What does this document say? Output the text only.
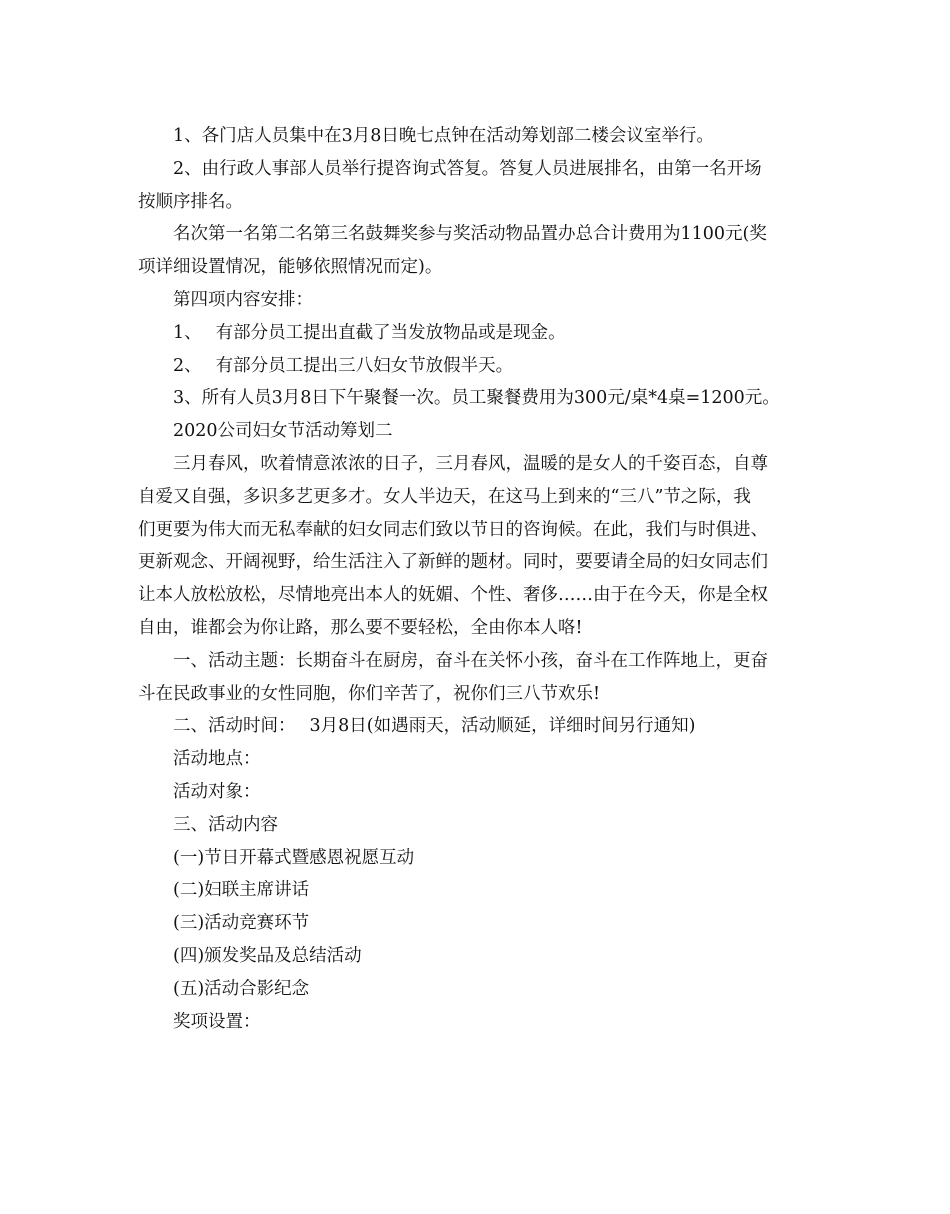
1、各门店人员集中在3月8日晚七点钟在活动筹划部二楼会议室举行。
2、由行政人事部人员举行提咨询式答复。答复人员进展排名，由第一名开场
按顺序排名。
名次第一名第二名第三名鼓舞奖参与奖活动物品置办总合计费用为1100元(奖
项详细设置情况，能够依照情况而定)。
第四项内容安排：
1、 有部分员工提出直截了当发放物品或是现金。
2、 有部分员工提出三八妇女节放假半天。
3、所有人员3月8日下午聚餐一次。员工聚餐费用为300元/桌*4桌=1200元。
2020公司妇女节活动筹划二
三月春风，吹着情意浓浓的日子，三月春风，温暖的是女人的千姿百态，自尊
自爱又自强，多识多艺更多才。女人半边天，在这马上到来的“三八”节之际，我
们更要为伟大而无私奉献的妇女同志们致以节日的咨询候。在此，我们与时俱进、
更新观念、开阔视野，给生活注入了新鲜的题材。同时，要要请全局的妇女同志们
让本人放松放松，尽情地亮出本人的妩媚、个性、奢侈……由于在今天，你是全权
自由，谁都会为你让路，那么要不要轻松，全由你本人咯!
一、活动主题：长期奋斗在厨房，奋斗在关怀小孩，奋斗在工作阵地上，更奋
斗在民政事业的女性同胞，你们辛苦了，祝你们三八节欢乐!
二、活动时间： 3月8日(如遇雨天，活动顺延，详细时间另行通知)
活动地点：
活动对象：
三、活动内容
(一)节日开幕式暨感恩祝愿互动
(二)妇联主席讲话
(三)活动竞赛环节
(四)颁发奖品及总结活动
(五)活动合影纪念
奖项设置：
